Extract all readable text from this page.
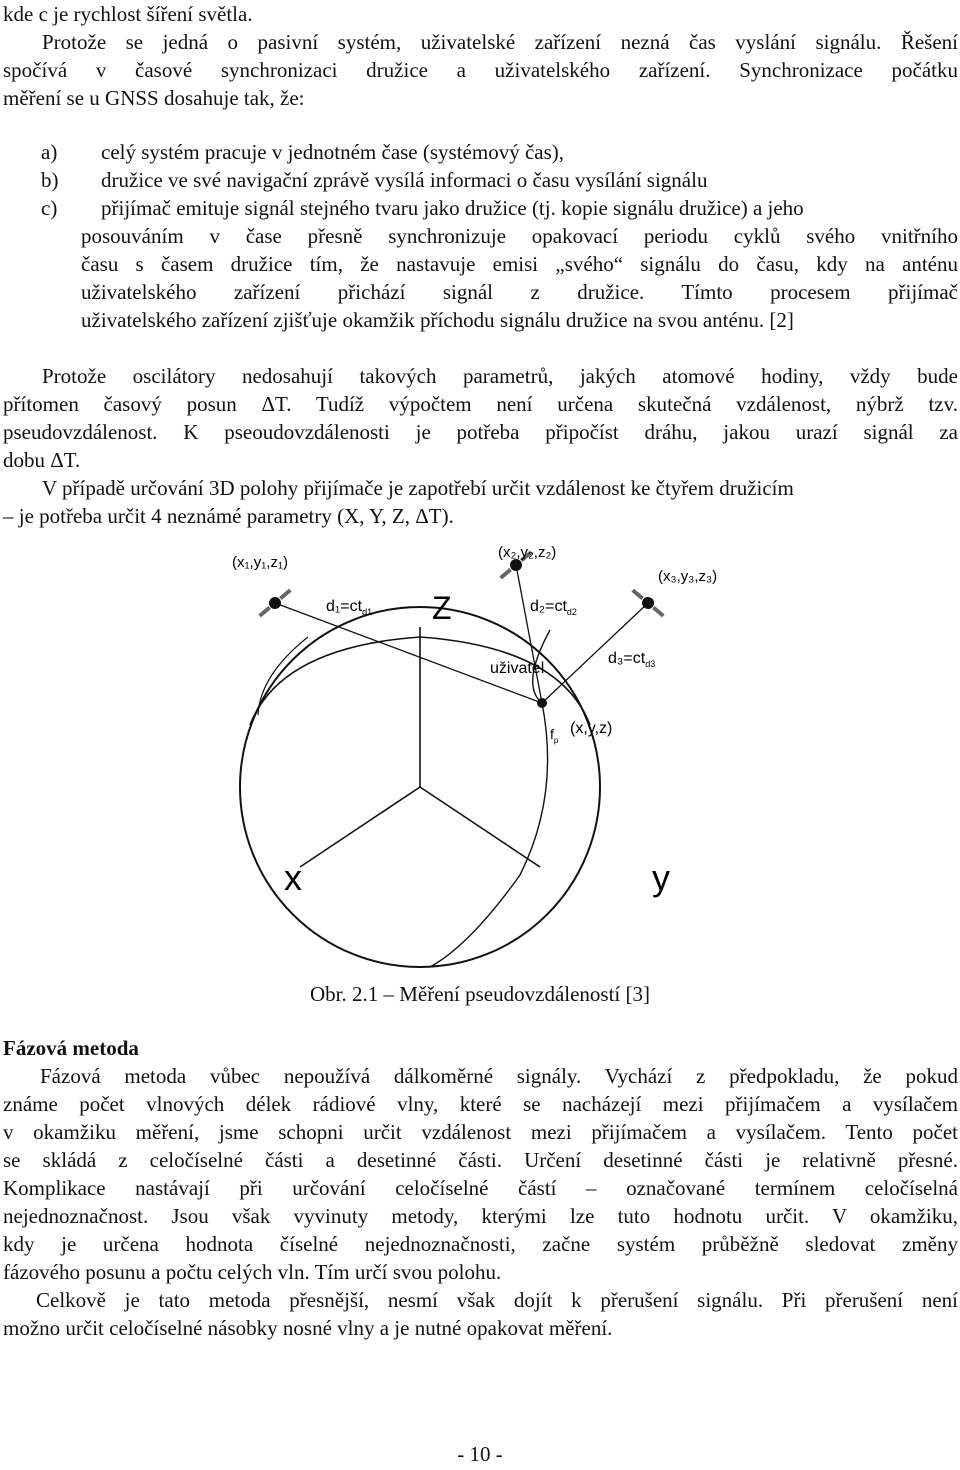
kde c je rychlost šíření světla.
Protože se jedná o pasivní systém, uživatelské zařízení nezná čas vyslání signálu. Řešení
spočívá v časové synchronizaci družice a uživatelského zařízení. Synchronizace počátku
měření se u GNSS dosahuje tak, že:
a) celý systém pracuje v jednotném čase (systémový čas),
b) družice ve své navigační zprávě vysílá informaci o času vysílání signálu
c) přijímač emituje signál stejného tvaru jako družice (tj. kopie signálu družice) a jeho
posouváním v čase přesně synchronizuje opakovací periodu cyklů svého vnitřního
času s časem družice tím, že nastavuje emisi „svého“ signálu do času, kdy na anténu
uživatelského zařízení přichází signál z družice. Tímto procesem přijímač
uživatelského zařízení zjišťuje okamžik příchodu signálu družice na svou anténu. [2]
Protože oscilátory nedosahují takových parametrů, jakých atomové hodiny, vždy bude
přítomen časový posun ΔT. Tudíž výpočtem není určena skutečná vzdálenost, nýbrž tzv.
pseudovzdálenost. K pseoudovzdálenosti je potřeba připočíst dráhu, jakou urazí signál za
dobu ΔT.
V případě určování 3D polohy přijímače je zapotřebí určit vzdálenost ke čtyřem družicím
– je potřeba určit 4 neznámé parametry (X, Y, Z, ΔT).
(x₁,y₁,z₁)
(x₂,y₂,z₂)
(x₃,y₃,z₃)
$d_1=ct_{d1}$	$d_2=ct_{d2}$
$d_3=ct_{d3}$
Z
x	y
uživatel
(x,y,z)
$f_p$
Obr. 2.1 – Měření pseudovzdáleností [3]
Fázová metoda
Fázová metoda vůbec nepoužívá dálkoměrné signály. Vychází z předpokladu, že pokud
známe počet vlnových délek rádiové vlny, které se nacházejí mezi přijímačem a vysílačem
v okamžiku měření, jsme schopni určit vzdálenost mezi přijímačem a vysílačem. Tento počet
se skládá z celočíselné části a desetinné části. Určení desetinné části je relativně přesné.
Komplikace nastávají při určování celočíselné částí – označované termínem celočíselná
nejednoznačnost. Jsou však vyvinuty metody, kterými lze tuto hodnotu určit. V okamžiku,
kdy je určena hodnota číselné nejednoznačnosti, začne systém průběžně sledovat změny
fázového posunu a počtu celých vln. Tím určí svou polohu.
Celkově je tato metoda přesnější, nesmí však dojít k přerušení signálu. Při přerušení není
možno určit celočíselné násobky nosné vlny a je nutné opakovat měření.
- 10 -
